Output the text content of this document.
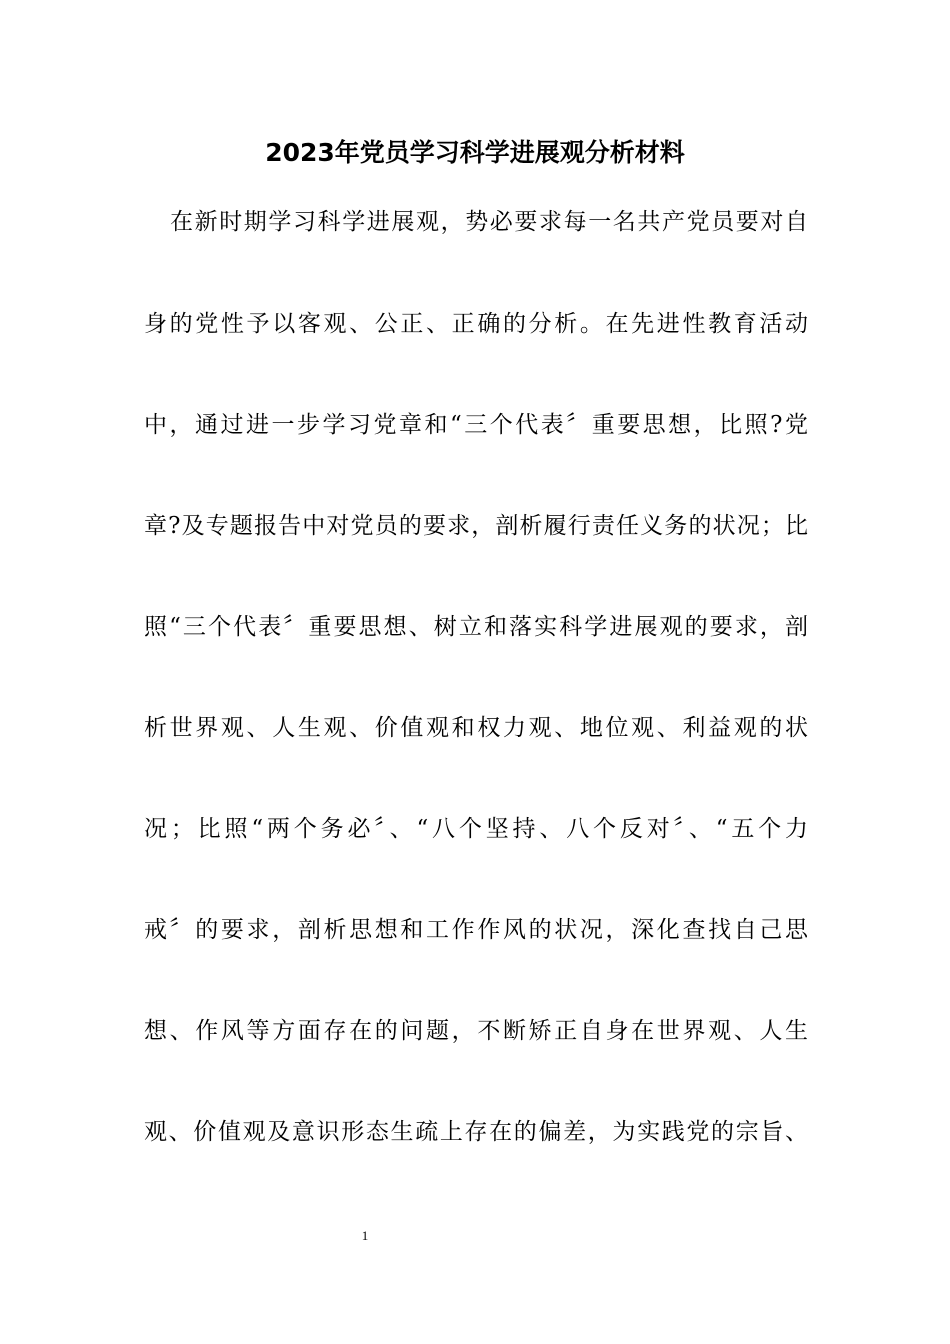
2023年党员学习科学进展观分析材料
在新时期学习科学进展观，势必要求每一名共产党员要对自
身的党性予以客观、公正、正确的分析。在先进性教育活动
中，通过进一步学习党章和“三个代表〞重要思想，比照?党
章?及专题报告中对党员的要求，剖析履行责任义务的状况；比
照“三个代表〞重要思想、树立和落实科学进展观的要求，剖
析世界观、人生观、价值观和权力观、地位观、利益观的状
况；比照“两个务必〞、“八个坚持、八个反对〞、“五个力
戒〞的要求，剖析思想和工作作风的状况，深化查找自己思
想、作风等方面存在的问题，不断矫正自身在世界观、人生
观、价值观及意识形态生疏上存在的偏差，为实践党的宗旨、
1
